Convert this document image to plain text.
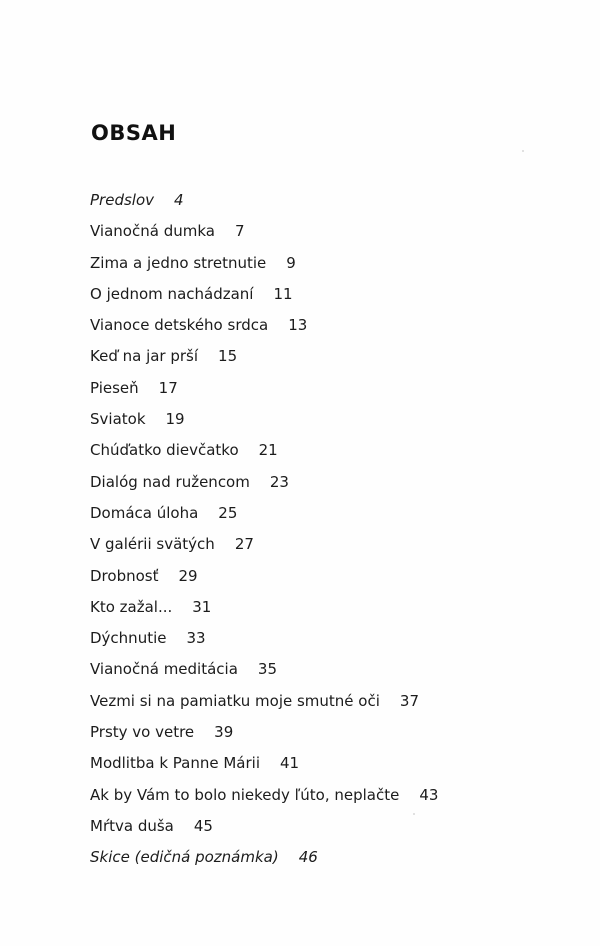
OBSAH
Predslov 4
Vianočná dumka 7
Zima a jedno stretnutie 9
O jednom nachádzaní 11
Vianoce detského srdca 13
Keď na jar prší 15
Pieseň 17
Sviatok 19
Chúďatko dievčatko 21
Dialóg nad ružencom 23
Domáca úloha 25
V galérii svätých 27
Drobnosť 29
Kto zažal... 31
Dýchnutie 33
Vianočná meditácia 35
Vezmi si na pamiatku moje smutné oči 37
Prsty vo vetre 39
Modlitba k Panne Márii 41
Ak by Vám to bolo niekedy ľúto, neplačte 43
Mŕtva duša 45
Skice (edičná poznámka) 46
